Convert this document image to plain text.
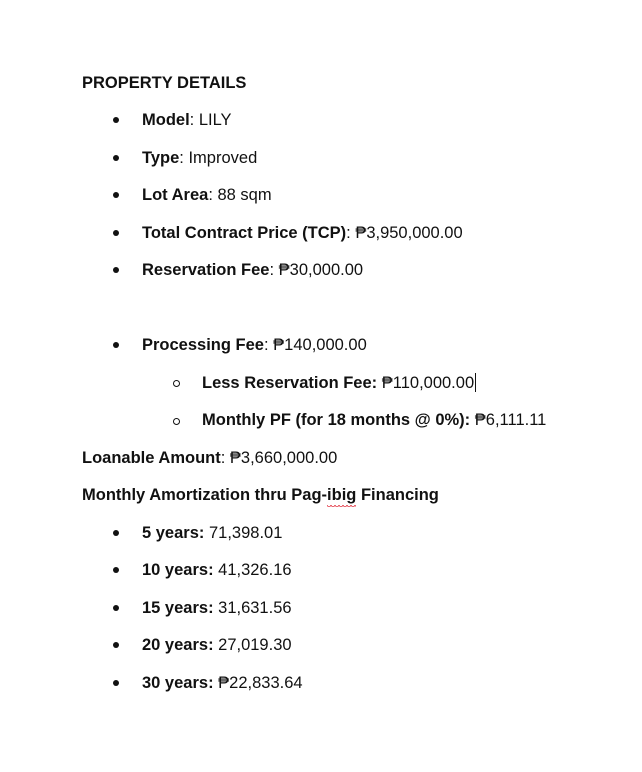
PROPERTY DETAILS
Model: LILY
Type: Improved
Lot Area: 88 sqm
Total Contract Price (TCP): ₱3,950,000.00
Reservation Fee: ₱30,000.00
Processing Fee: ₱140,000.00
Less Reservation Fee: ₱110,000.00
Monthly PF (for 18 months @ 0%): ₱6,111.11
Loanable Amount: ₱3,660,000.00
Monthly Amortization thru Pag-ibig Financing
5 years: 71,398.01
10 years: 41,326.16
15 years: 31,631.56
20 years: 27,019.30
30 years: ₱22,833.64
